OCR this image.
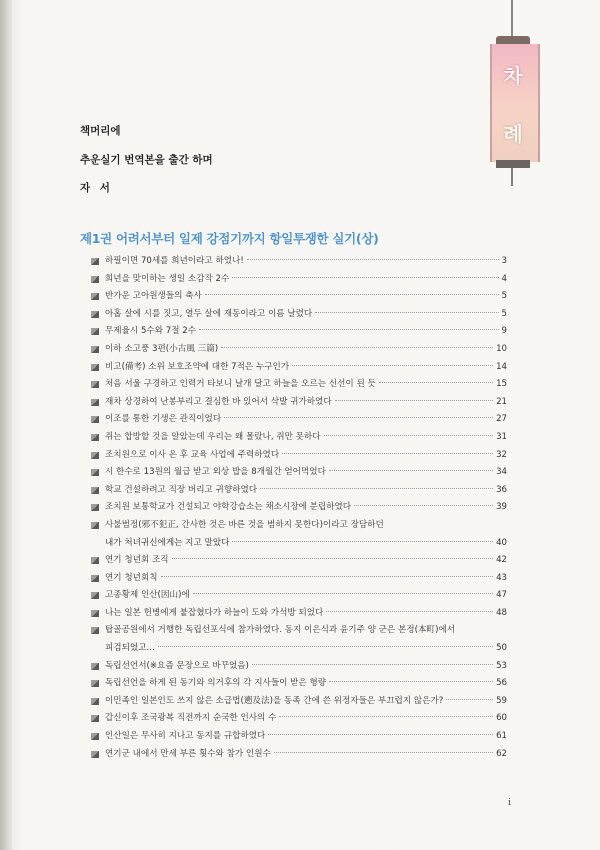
차
례
책머리에
추운실기 번역본을 출간 하며
자 서
제1권 어려서부터 일제 강점기까지 항일투쟁한 실기(상)
하필이면 70세를 희년이라고 하였나!	3
희년을 맞이하는 생일 소감작 2수	4
반가운 고아원생들의 축사	5
아홉 살에 시를 짓고, 열두 살에 재동이라고 이름 날렸다	5
무제율시 5수와 7절 2수	9
이하 소고풍 3편(小古風 三篇)	10
비고(備考) 소위 보호조약에 대한 7적은 누구인가	14
처음 서울 구경하고 인력거 타보니 날개 달고 하늘을 오르는 신선이 된 듯	15
재차 상경하여 난봉부리고 결심한 바 있어서 삭발 귀가하였다	21
이조를 통한 기생은 관직이었다	27
쥐는 합방할 것을 알았는데 우리는 왜 몰랐나, 쥐만 못하다	31
조치원으로 이사 온 후 교육 사업에 주력하였다	32
시 한수로 13원의 월급 받고 외상 밥을 8개월간 얻어먹었다	34
학교 건설하려고 직장 버리고 귀향하였다	36
조치원 보통학교가 건설되고 야학강습소는 채소시장에 분립하였다	39
사불범정(邪不犯正, 간사한 것은 바른 것을 범하지 못한다)이라고 장담하던
내가 처녀귀신에게는 지고 말았다	40
연기 청년회 조직	42
연기 청년회칙	43
고종황제 인산(因山)에	47
나는 일본 헌병에게 붙잡혔다가 하늘이 도와 가석방 되었다	48
탑골공원에서 거행한 독립선포식에 참가하였다. 동지 이은식과 윤기주 양 군은 본정(本町)에서
피검되었고...	50
독립선언서(※요즘 문장으로 바꾸었음)	53
독립선언을 하게 된 동기와 의거후의 각 지사들이 받은 형량	56
이민족인 일본인도 쓰지 않은 소급법(遡及法)을 동족 간에 쓴 위정자들은 부끄럽지 않은가?	59
갑신이후 조국광복 직전까지 순국한 인사의 수	60
인산일은 무사히 지나고 동지를 규합하였다	61
연기군 내에서 만세 부른 횟수와 참가 인원수	62
i
